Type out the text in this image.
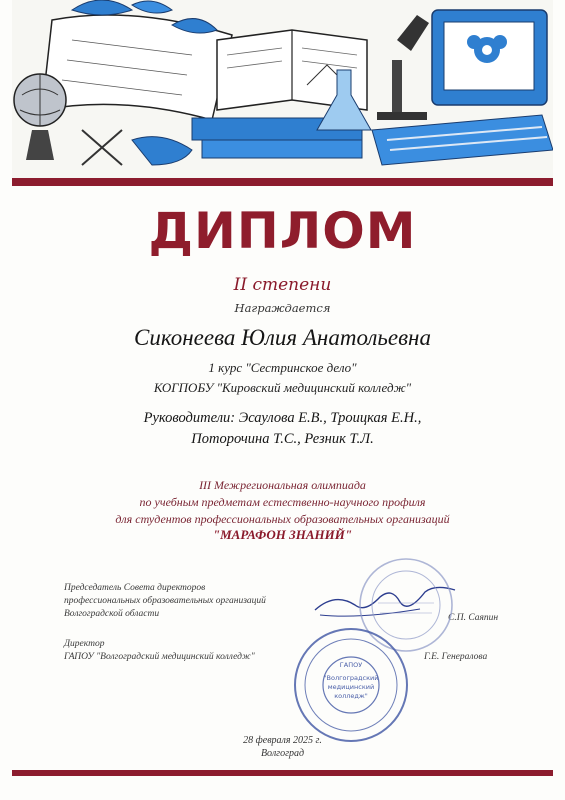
ДИПЛОМ
II степени
Награждается
Сиконеева Юлия Анатольевна
1 курс "Сестринское дело"
КОГПОБУ "Кировский медицинский колледж"
Руководители: Эсаулова Е.В., Троицкая Е.Н.,
Поторочина Т.С., Резник Т.Л.
III Межрегиональная олимпиада
по учебным предметам естественно-научного профиля
для студентов профессиональных образовательных организаций
"МАРАФОН ЗНАНИЙ"
Председатель Совета директоров
профессиональных образовательных организаций
Волгоградской области	С.П. Саяпин
Директор
ГАПОУ "Волгоградский медицинский колледж"	Г.Е. Генералова
ГАПОУ
"Волгоградский
медицинский
колледж"
28 февраля 2025 г.
Волгоград
